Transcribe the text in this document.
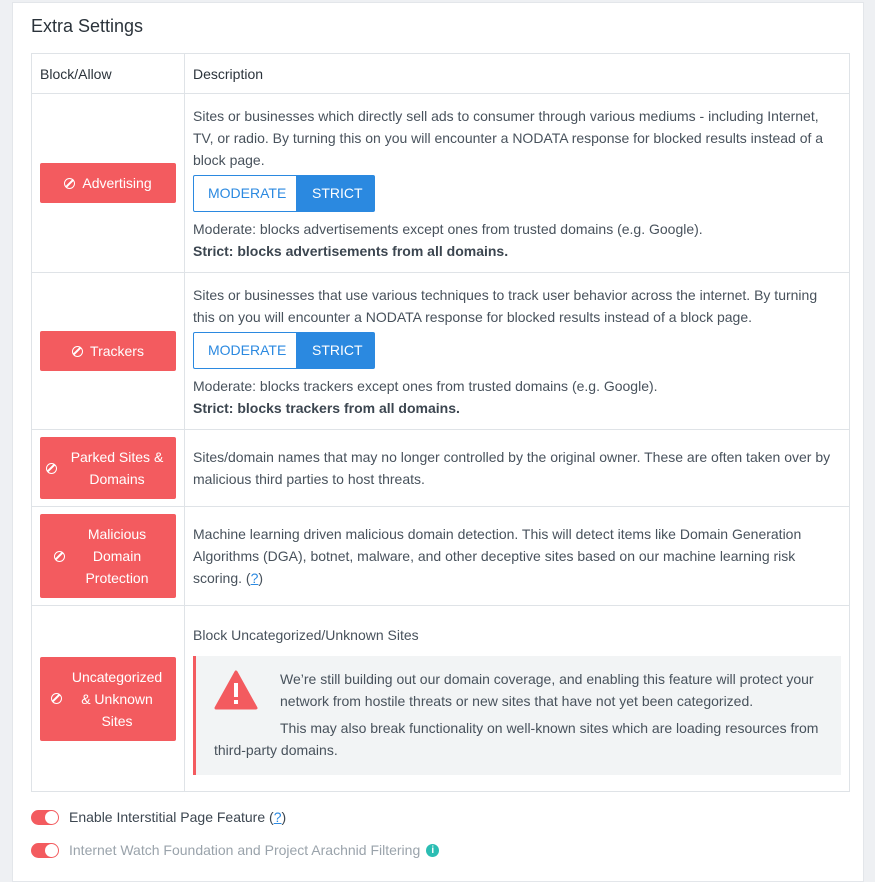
Extra Settings
Block/Allow	Description

Advertising	Sites or businesses which directly sell ads to consumer through various mediums - including Internet, TV, or radio. By turning this on you will encounter a NODATA response for blocked results instead of a block page.
MODERATE STRICT
Moderate: blocks advertisements except ones from trusted domains (e.g. Google).
Strict: blocks advertisements from all domains.

Trackers	Sites or businesses that use various techniques to track user behavior across the internet. By turning this on you will encounter a NODATA response for blocked results instead of a block page.
MODERATE STRICT
Moderate: blocks trackers except ones from trusted domains (e.g. Google).
Strict: blocks trackers from all domains.

Parked Sites & Domains	Sites/domain names that may no longer controlled by the original owner. These are often taken over by malicious third parties to host threats.

Malicious Domain Protection	Machine learning driven malicious domain detection. This will detect items like Domain Generation Algorithms (DGA), botnet, malware, and other deceptive sites based on our machine learning risk scoring. (?)

Uncategorized & Unknown Sites	Block Uncategorized/Unknown Sites

We’re still building out our domain coverage, and enabling this feature will protect your network from hostile threats or new sites that have not yet been categorized.

This may also break functionality on well-known sites which are loading resources from third-party domains.

Enable Interstitial Page Feature ( ? )
Internet Watch Foundation and Project Arachnid Filtering	i
